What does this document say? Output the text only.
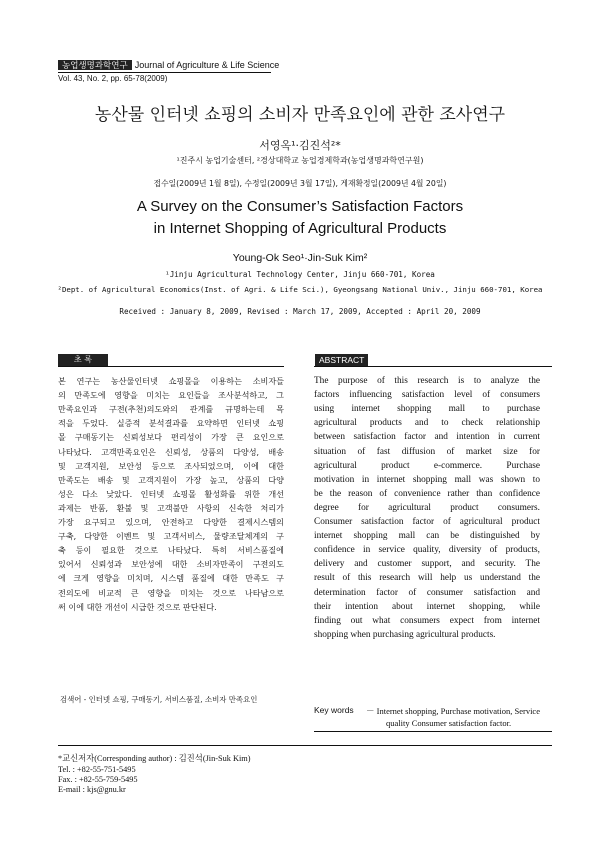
농업생명과학연구 Journal of Agriculture & Life Science
Vol. 43, No. 2, pp. 65-78(2009)
농산물 인터넷 쇼핑의 소비자 만족요인에 관한 조사연구
서영옥¹·김진석²*
¹진주시 농업기술센터, ²경상대학교 농업경제학과(농업생명과학연구원)
접수일(2009년 1월 8일), 수정일(2009년 3월 17일), 게재확정일(2009년 4월 20일)
A Survey on the Consumer’s Satisfaction Factors
in Internet Shopping of Agricultural Products
Young-Ok Seo¹·Jin-Suk Kim²
¹Jinju Agricultural Technology Center, Jinju 660-701, Korea
²Dept. of Agricultural Economics(Inst. of Agri. & Life Sci.), Gyeongsang National Univ., Jinju 660-701, Korea
Received : January 8, 2009, Revised : March 17, 2009, Accepted : April 20, 2009
초 록	ABSTRACT
본 연구는 농산물인터넷 쇼핑몰을 이용하는 소비자들
의 만족도에 영향을 미치는 요인들을 조사분석하고, 그
만족요인과 구전(추천)의도와의 관계를 규명하는데 목
적을 두었다. 실증적 분석결과를 요약하면 인터넷 쇼핑
몰 구매동기는 신뢰성보다 편리성이 가장 큰 요인으로
나타났다. 고객만족요인은 신뢰성, 상품의 다양성, 배송
및 고객지원, 보안성 등으로 조사되었으며, 이에 대한
만족도는 배송 및 고객지원이 가장 높고, 상품의 다양
성은 다소 낮았다. 인터넷 쇼핑몰 활성화를 위한 개선
과제는 반품, 환불 및 고객불만 사항의 신속한 처리가
가장 요구되고 있으며, 안전하고 다양한 결제시스템의
구축, 다양한 이벤트 및 고객서비스, 물량조달체계의 구
축 등이 필요한 것으로 나타났다. 특히 서비스품질에
있어서 신뢰성과 보안성에 대한 소비자만족이 구전의도
에 크게 영향을 미치며, 시스템 품질에 대한 만족도 구
전의도에 비교적 큰 영향을 미치는 것으로 나타남으로
써 이에 대한 개선이 시급한 것으로 판단된다.
The purpose of this research is to analyze the
factors influencing satisfaction level of consumers
using internet shopping mall to purchase
agricultural products and to check relationship
between satisfaction factor and intention in current
situation of fast diffusion of market size for
agricultural product e-commerce. Purchase
motivation in internet shopping mall was shown to
be the reason of convenience rather than confidence
degree for agricultural product consumers.
Consumer satisfaction factor of agricultural product
internet shopping mall can be distinguished by
confidence in service quality, diversity of products,
delivery and customer support, and security. The
result of this research will help us understand the
determination factor of consumer satisfaction and
their intention about internet shopping, while
finding out what consumers expect from internet
shopping when purchasing agricultural products.
검색어 - 인터넷 쇼핑, 구매동기, 서비스품질, 소비자 만족요인
Key words － Internet shopping, Purchase motivation, Service
quality Consumer satisfaction factor.
*교신저자(Corresponding author) : 김진석(Jin-Suk Kim)
Tel. : +82-55-751-5495
Fax. : +82-55-759-5495
E-mail : kjs@gnu.kr
